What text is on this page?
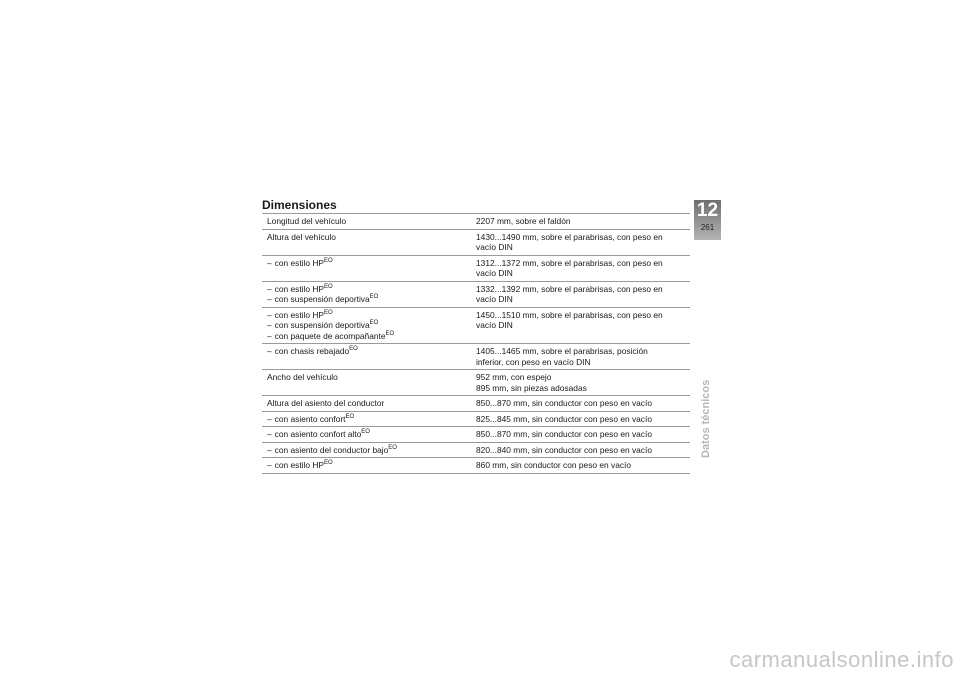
Dimensiones
Longitud del vehículo	2207 mm, sobre el faldón

Altura del vehículo	1430...1490 mm, sobre el parabrisas, con peso en
vacío DIN

– con estilo $HP^{EO}$	1312...1372 mm, sobre el parabrisas, con peso en
vacío DIN

– con estilo $HP^{EO}$
– con suspensión deportiva$^{EO}$	1332...1392 mm, sobre el parabrisas, con peso en
vacío DIN

– con estilo $HP^{EO}$
– con suspensión deportiva$^{EO}$
– con paquete de acompañante$^{EO}$	1450...1510 mm, sobre el parabrisas, con peso en
vacío DIN

– con chasis rebajado$^{EO}$	1405...1465 mm, sobre el parabrisas, posición
inferior, con peso en vacío DIN

Ancho del vehículo	952 mm, con espejo
895 mm, sin piezas adosadas

Altura del asiento del conductor	850...870 mm, sin conductor con peso en vacío

– con asiento confort$^{EO}$	825...845 mm, sin conductor con peso en vacío

– con asiento confort alto$^{EO}$	850...870 mm, sin conductor con peso en vacío

– con asiento del conductor bajo$^{EO}$	820...840 mm, sin conductor con peso en vacío

– con estilo $HP^{EO}$	860 mm, sin conductor con peso en vacío
12
261
Datos técnicos
carmanualsonline.info
